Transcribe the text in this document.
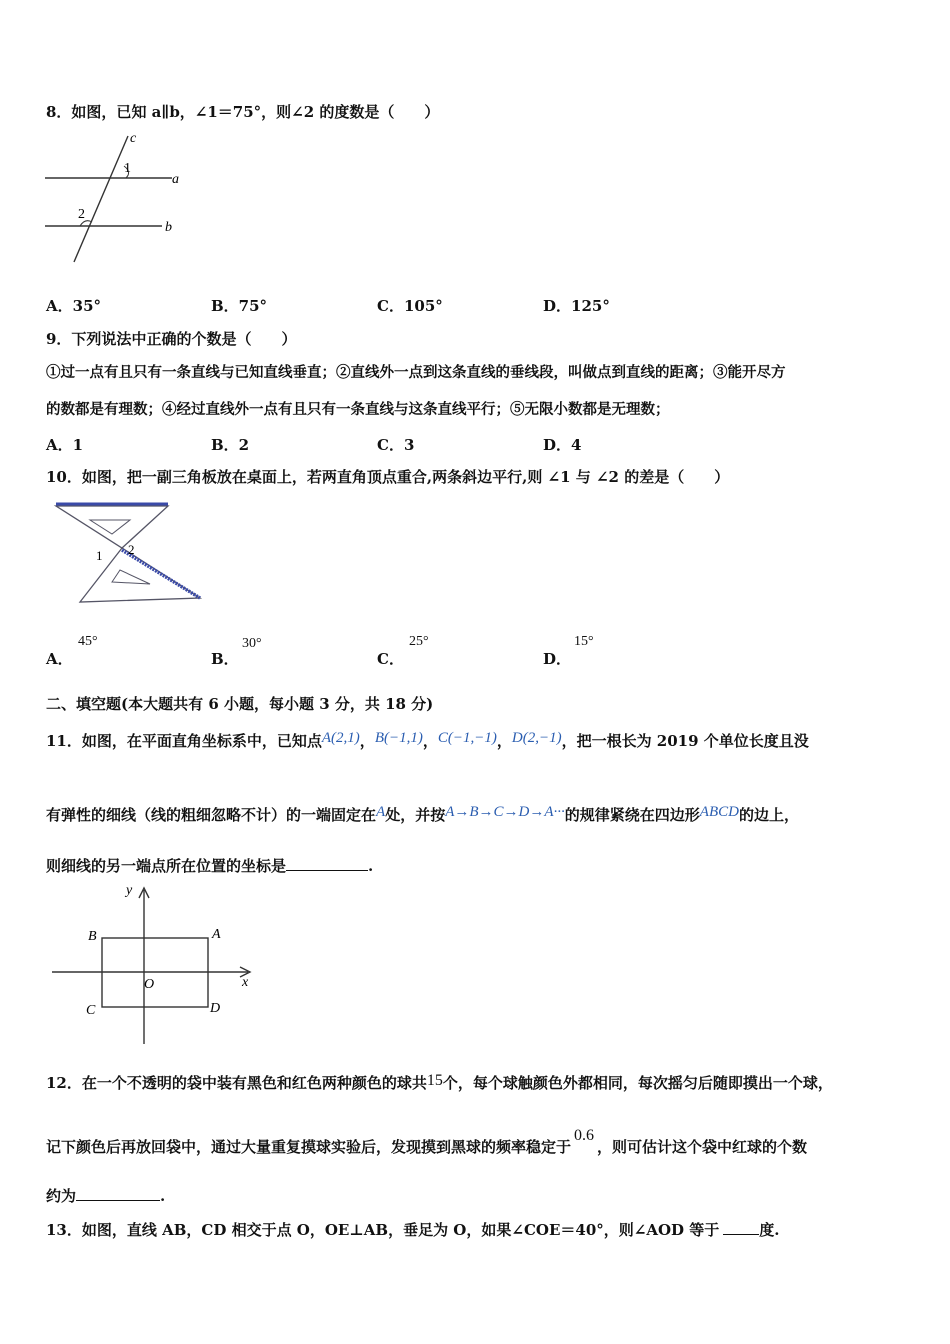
8．如图，已知 a∥b，∠1＝75°，则∠2 的度数是（　　）
c
1
a
2
b
A．35°	B．75°	C．105°	D．125°
9．下列说法中正确的个数是（　　）
①过一点有且只有一条直线与已知直线垂直；②直线外一点到这条直线的垂线段，叫做点到直线的距离；③能开尽方
的数都是有理数；④经过直线外一点有且只有一条直线与这条直线平行；⑤无限小数都是无理数；
A．1	B．2	C．3	D．4
10．如图，把一副三角板放在桌面上，若两直角顶点重合,两条斜边平行,则 ∠1 与 ∠2 的差是（　　）
1 2
A．
45°
B．
30°
C．
25°
D．
15°
二、填空题(本大题共有 6 小题，每小题 3 分，共 18 分)
11．如图，在平面直角坐标系中，已知点A(2,1)，B(−1,1)，C(−1,−1)，D(2,−1)，把一根长为 2019 个单位长度且没
有弹性的细线（线的粗细忽略不计）的一端固定在A处，并按A→B→C→D→A···的规律紧绕在四边形ABCD的边上，
则细线的另一端点所在位置的坐标是	.
y
x
O
B	A
C	D
12．在一个不透明的袋中装有黑色和红色两种颜色的球共15个，每个球触颜色外都相同，每次摇匀后随即摸出一个球，
记下颜色后再放回袋中，通过大量重复摸球实验后，发现摸到黑球的频率稳定于0.6，则可估计这个袋中红球的个数
约为	.
13．如图，直线 AB，CD 相交于点 O，OE⊥AB，垂足为 O，如果∠COE＝40°，则∠AOD 等于	度.
